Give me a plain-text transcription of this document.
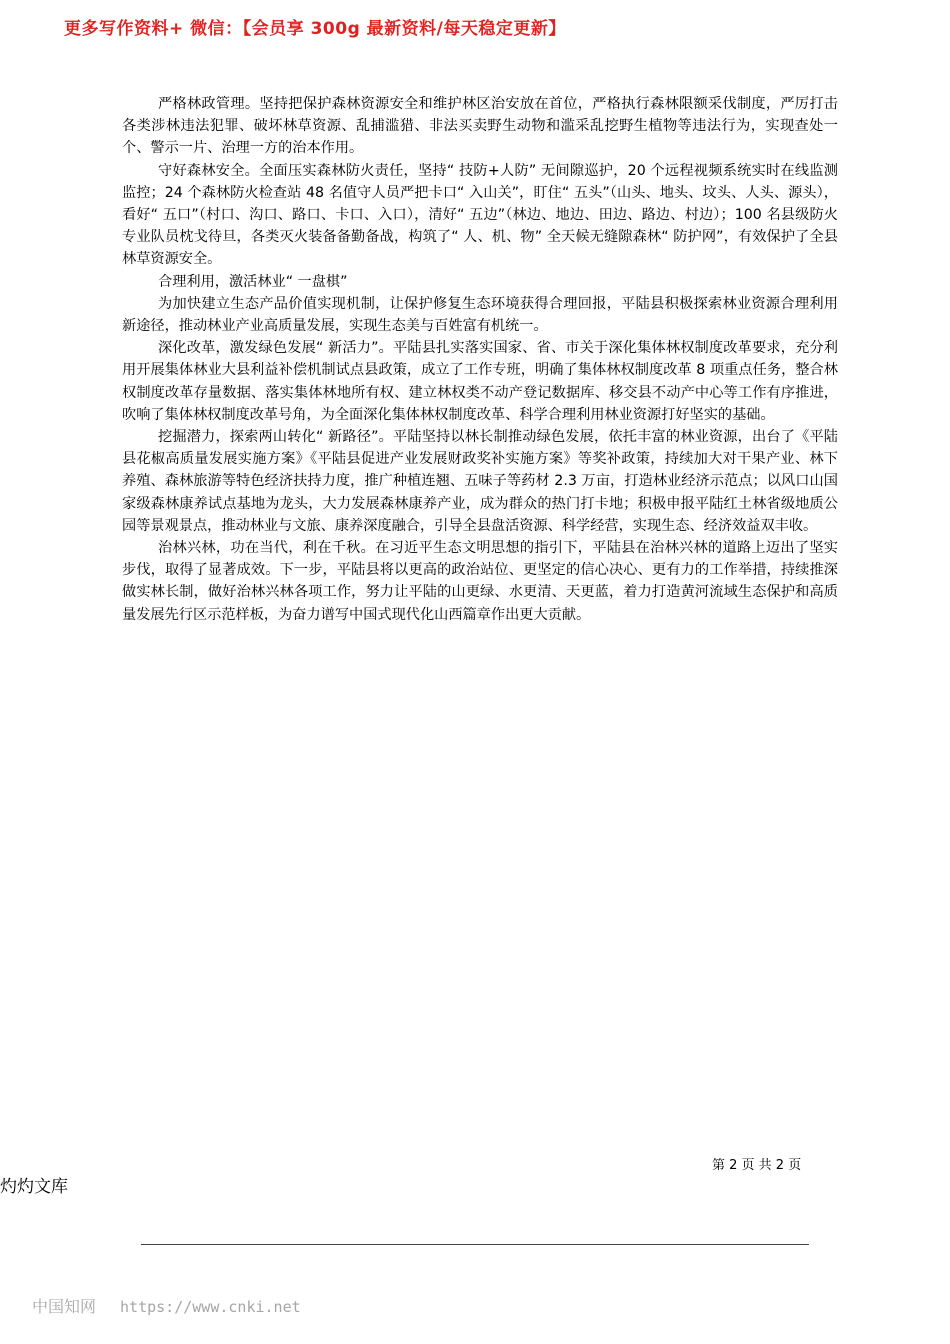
更多写作资料+ 微信：【会员享 300g 最新资料/每天稳定更新】

严格林政管理。坚持把保护森林资源安全和维护林区治安放在首位，严格执行森林限额采伐制度，严厉打击各类涉林违法犯罪、破坏林草资源、乱捕滥猎、非法买卖野生动物和滥采乱挖野生植物等违法行为，实现查处一个、警示一片、治理一方的治本作用。

守好森林安全。全面压实森林防火责任，坚持“ 技防+人防” 无间隙巡护，20 个远程视频系统实时在线监测监控；24 个森林防火检查站 48 名值守人员严把卡口“ 入山关”，盯住“ 五头”（山头、地头、坟头、人头、源头），看好“ 五口”（村口、沟口、路口、卡口、入口），清好“ 五边”（林边、地边、田边、路边、村边）；100 名县级防火专业队员枕戈待旦，各类灭火装备备勤备战，构筑了“ 人、机、物” 全天候无缝隙森林“ 防护网”，有效保护了全县林草资源安全。

合理利用，激活林业“ 一盘棋”

为加快建立生态产品价值实现机制，让保护修复生态环境获得合理回报，平陆县积极探索林业资源合理利用新途径，推动林业产业高质量发展，实现生态美与百姓富有机统一。

深化改革，激发绿色发展“ 新活力”。平陆县扎实落实国家、省、市关于深化集体林权制度改革要求，充分利用开展集体林业大县利益补偿机制试点县政策，成立了工作专班，明确了集体林权制度改革 8 项重点任务，整合林权制度改革存量数据、落实集体林地所有权、建立林权类不动产登记数据库、移交县不动产中心等工作有序推进，吹响了集体林权制度改革号角，为全面深化集体林权制度改革、科学合理利用林业资源打好坚实的基础。

挖掘潜力，探索两山转化“ 新路径”。平陆坚持以林长制推动绿色发展，依托丰富的林业资源，出台了《平陆县花椒高质量发展实施方案》《平陆县促进产业发展财政奖补实施方案》等奖补政策，持续加大对干果产业、林下养殖、森林旅游等特色经济扶持力度，推广种植连翘、五味子等药材 2.3 万亩，打造林业经济示范点；以风口山国家级森林康养试点基地为龙头，大力发展森林康养产业，成为群众的热门打卡地；积极申报平陆红土林省级地质公园等景观景点，推动林业与文旅、康养深度融合，引导全县盘活资源、科学经营，实现生态、经济效益双丰收。

治林兴林，功在当代，利在千秋。在习近平生态文明思想的指引下，平陆县在治林兴林的道路上迈出了坚实步伐，取得了显著成效。下一步，平陆县将以更高的政治站位、更坚定的信心决心、更有力的工作举措，持续推深做实林长制，做好治林兴林各项工作，努力让平陆的山更绿、水更清、天更蓝，着力打造黄河流域生态保护和高质量发展先行区示范样板，为奋力谱写中国式现代化山西篇章作出更大贡献。

第 2 页 共 2 页
灼灼文库
中国知网 https://www.cnki.net
